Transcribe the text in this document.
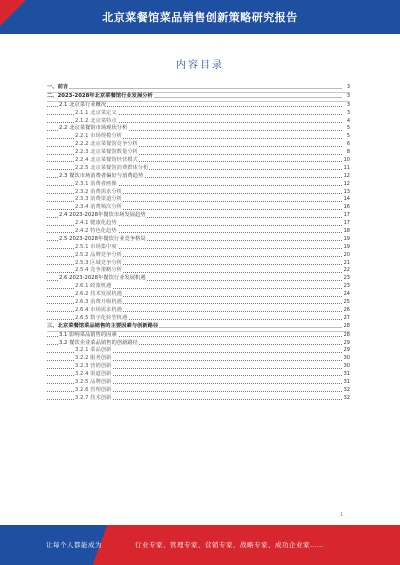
北京菜餐馆菜品销售创新策略研究报告
内容目录
一、前言	3
二、2023-2028年北京菜餐馆行业发展分析	3
2.1 北京菜行业概况	3
2.1.1 北京菜定义	3
2.1.2 北京菜特点	4
2.2 北京菜餐馆市场现状分析	5
2.2.1 市场规模分析	5
2.2.2 北京菜餐馆竞争分析	6
2.2.3 北京菜餐馆数量分析	8
2.2.4 北京菜餐馆经营模式	10
2.2.5 北京菜餐馆消费群体分析	11
2.3 餐饮市场消费者偏好与消费趋势	12
2.3.1 消费者画像	12
2.3.2 消费需求分析	13
2.3.3 消费渠道分析	14
2.3.4 消费频次分析	16
2.4 2023-2028年餐饮市场发展趋势	17
2.4.1 健康化趋势	17
2.4.2 特色化趋势	18
2.5 2023-2028年餐饮行业竞争格局	19
2.5.1 市场集中度	19
2.5.2 品牌竞争分析	20
2.5.3 区域竞争分析	21
2.5.4 竞争策略分析	22
2.6 2023-2028年餐饮行业发展机遇	23
2.6.1 政策机遇	23
2.6.2 技术发展机遇	24
2.6.3 消费升级机遇	25
2.6.4 市场需求机遇	26
2.6.5 数字化转型机遇	27
三、北京菜餐馆菜品销售的主要因素与创新路径	28
3.1 影响菜品销售的因素	28
3.2 餐饮企业菜品销售的创新路径	29
3.2.1 菜品创新	29
3.2.2 服务创新	30
3.2.3 营销创新	30
3.2.4 渠道创新	31
3.2.5 品牌创新	31
3.2.6 管理创新	32
3.2.7 技术创新	32
1
让每个人都能成为	行业专家、管理专家、营销专家、战略专家、成功企业家……
